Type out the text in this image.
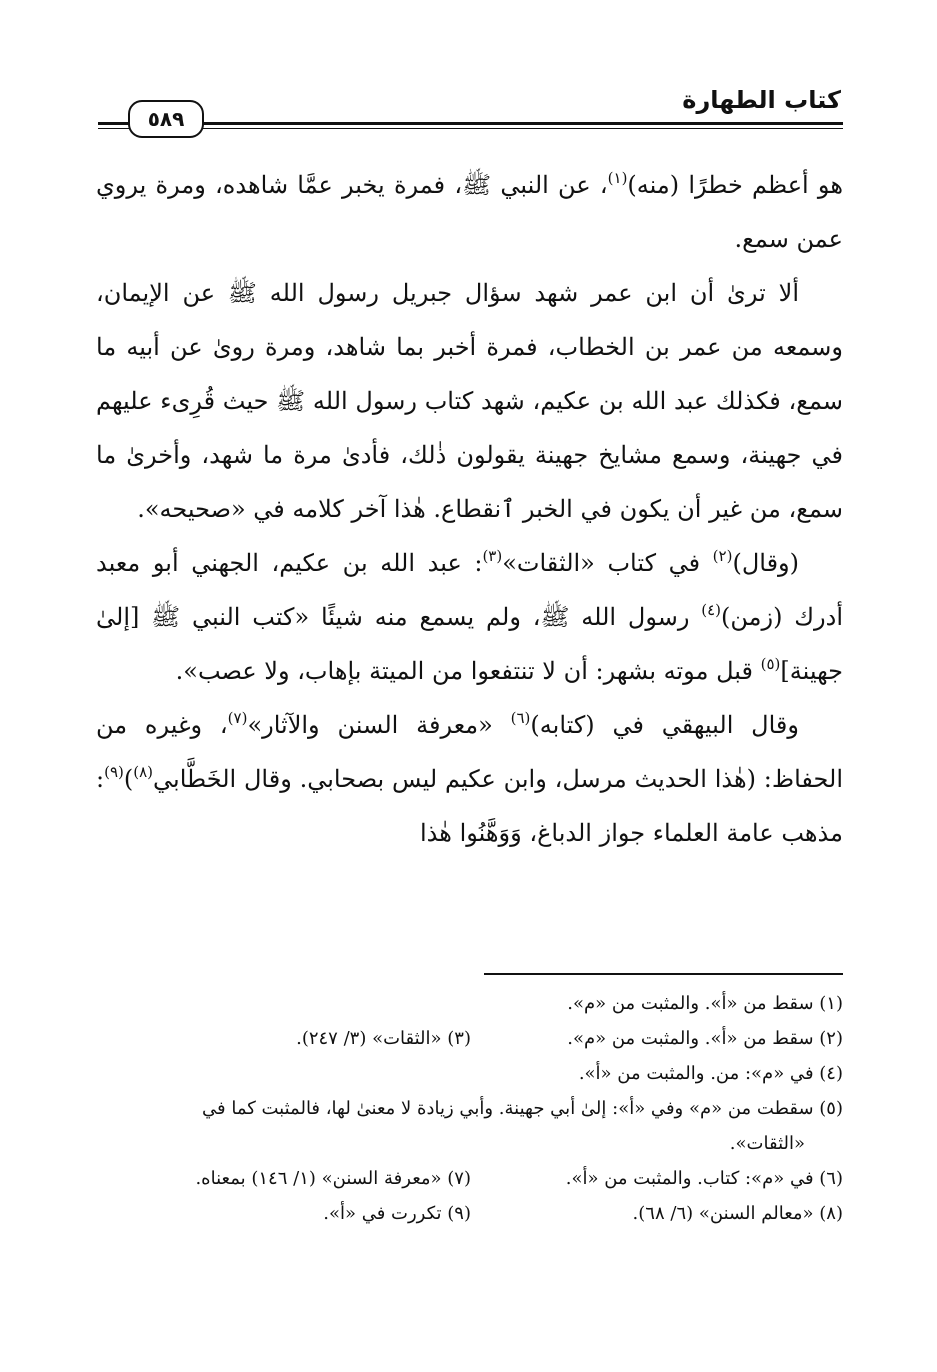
كتاب الطهارة
٥٨٩

هو أعظم خطرًا (منه)$^{(١)}$، عن النبي ﷺ، فمرة يخبر عمَّا شاهده، ومرة يروي عمن سمع.

ألا ترىٰ أن ابن عمر شهد سؤال جبريل رسول الله ﷺ عن الإيمان، وسمعه من عمر بن الخطاب، فمرة أخبر بما شاهد، ومرة روىٰ عن أبيه ما سمع، فكذلك عبد الله بن عكيم، شهد كتاب رسول الله ﷺ حيث قُرِىء عليهم في جهينة، وسمع مشايخ جهينة يقولون ذٰلك، فأدىٰ مرة ما شهد، وأخرىٰ ما سمع، من غير أن يكون في الخبر ٱنقطاع. هٰذا آخر كلامه في «صحيحه».

(وقال)$^{(٢)}$ في كتاب «الثقات»$^{(٣)}$: عبد الله بن عكيم، الجهني أبو معبد أدرك (زمن)$^{(٤)}$ رسول الله ﷺ، ولم يسمع منه شيئًا «كتب النبي ﷺ [إلىٰ جهينة]$^{(٥)}$ قبل موته بشهر: أن لا تنتفعوا من الميتة بإهاب، ولا عصب».

وقال البيهقي في (كتابه)$^{(٦)}$ «معرفة السنن والآثار»$^{(٧)}$، وغيره من الحفاظ: (هٰذا الحديث مرسل، وابن عكيم ليس بصحابي. وقال الخَطَّابي$^{(٨)}$)$^{(٩)}$: مذهب عامة العلماء جواز الدباغ، وَوَهَّنُوا هٰذا

(١) سقط من «أ». والمثبت من «م».
(٢) سقط من «أ». والمثبت من «م».
(٣) «الثقات» (٣/ ٢٤٧).
(٤) في «م»: من. والمثبت من «أ».
(٥) سقطت من «م» وفي «أ»: إلىٰ أبي جهينة. وأبي زيادة لا معنىٰ لها، فالمثبت كما في
«الثقات».
(٦) في «م»: كتاب. والمثبت من «أ».
(٧) «معرفة السنن» (١/ ١٤٦) بمعناه.
(٨) «معالم السنن» (٦/ ٦٨).
(٩) تكررت في «أ».
